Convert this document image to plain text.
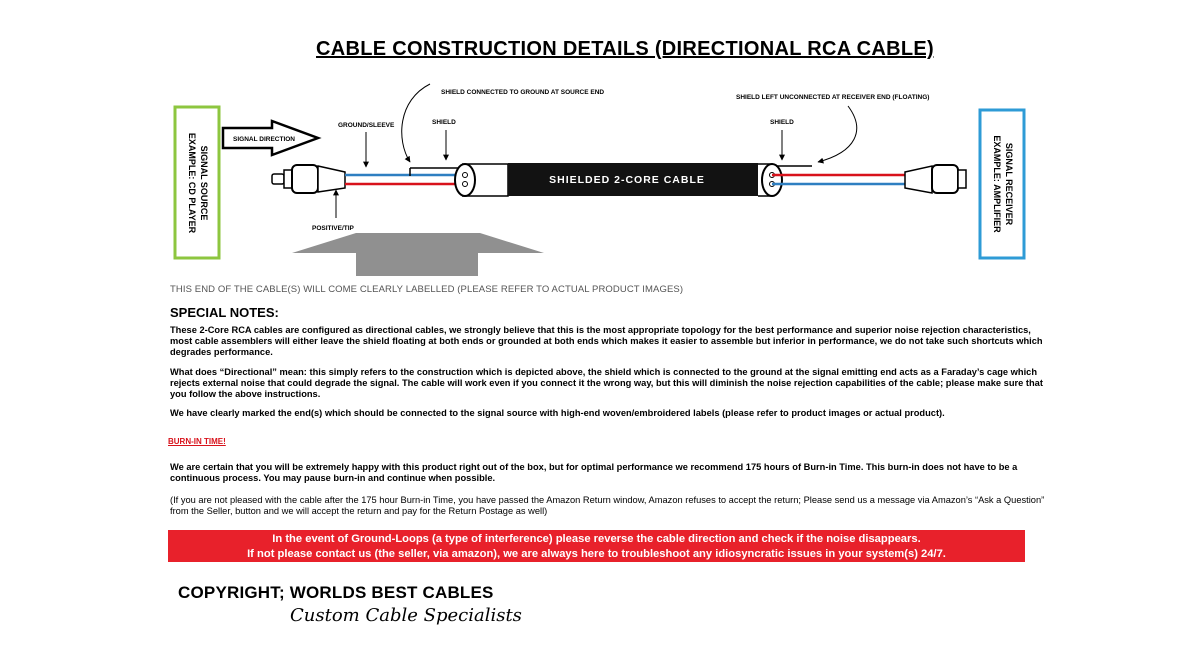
CABLE CONSTRUCTION DETAILS (DIRECTIONAL RCA CABLE)
SIGNAL SOURCE
EXAMPLE: CD PLAYER	SIGNAL RECEIVER
EXAMPLE: AMPLIFIER
SIGNAL DIRECTION
SHIELDED 2-CORE CABLE
GROUND/SLEEVE	SHIELD
SHIELD CONNECTED TO GROUND AT SOURCE END
SHIELD
SHIELD LEFT UNCONNECTED AT RECEIVER END (FLOATING)
POSITIVE/TIP
THIS END OF THE CABLE(S) WILL COME CLEARLY LABELLED (PLEASE REFER TO ACTUAL PRODUCT IMAGES)
SPECIAL NOTES:
These 2-Core RCA cables are configured as directional cables, we strongly believe that this is the most appropriate topology for the best performance and superior noise rejection characteristics, most cable assemblers will either leave the shield floating at both ends or grounded at both ends which makes it easier to assemble but inferior in performance, we do not take such shortcuts which degrades performance.
What does “Directional” mean: this simply refers to the construction which is depicted above, the shield which is connected to the ground at the signal emitting end acts as a Faraday’s cage which rejects external noise that could degrade the signal. The cable will work even if you connect it the wrong way, but this will diminish the noise rejection capabilities of the cable; please make sure that you follow the above instructions.
We have clearly marked the end(s) which should be connected to the signal source with high-end woven/embroidered labels (please refer to product images or actual product).
BURN-IN TIME!
We are certain that you will be extremely happy with this product right out of the box, but for optimal performance we recommend 175 hours of Burn-in Time. This burn-in does not have to be a continuous process. You may pause burn-in and continue when possible.
(If you are not pleased with the cable after the 175 hour Burn-in Time, you have passed the Amazon Return window, Amazon refuses to accept the return; Please send us a message via Amazon’s “Ask a Question” from the Seller, button and we will accept the return and pay for the Return Postage as well)
In the event of Ground-Loops (a type of interference) please reverse the cable direction and check if the noise disappears.
If not please contact us (the seller, via amazon), we are always here to troubleshoot any idiosyncratic issues in your system(s) 24/7.
COPYRIGHT; WORLDS BEST CABLES
Custom Cable Specialists
